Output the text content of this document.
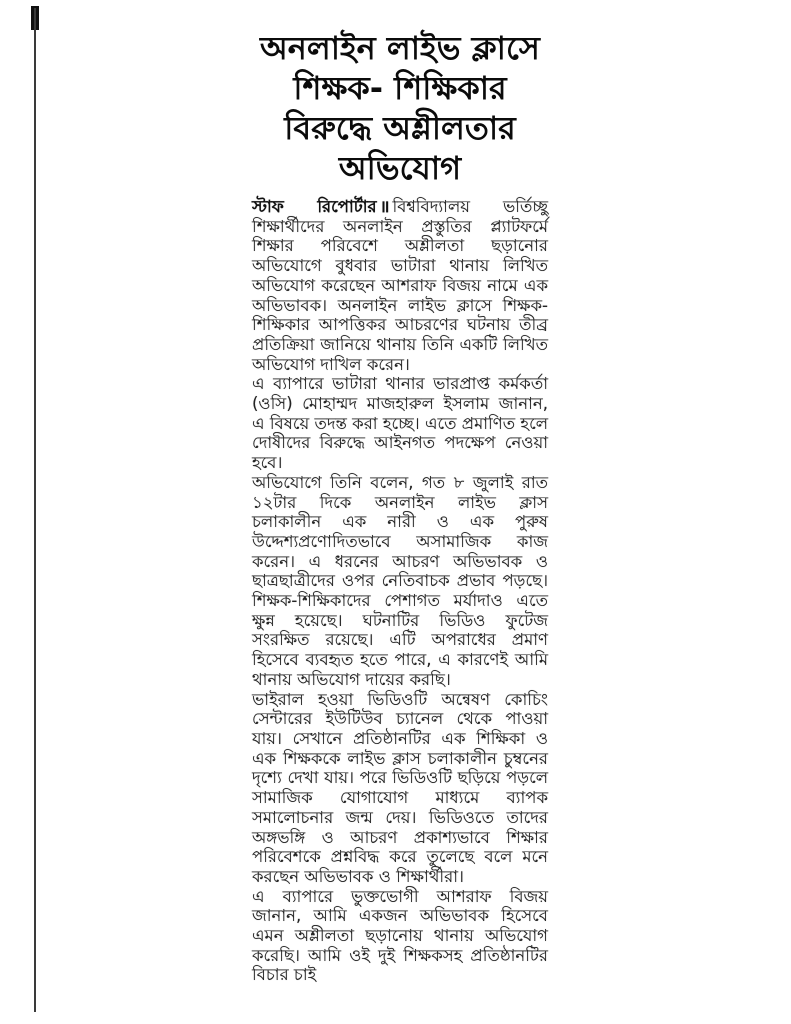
অনলাইন লাইভ ক্লাসে
শিক্ষক- শিক্ষিকার
বিরুদ্ধে অশ্লীলতার
অভিযোগ

স্টাফ রিপোর্টার ॥ বিশ্ববিদ্যালয় ভর্তিচ্ছু শিক্ষার্থীদের অনলাইন প্রস্তুতির প্ল্যাটফর্মে শিক্ষার পরিবেশে অশ্লীলতা ছড়ানোর অভিযোগে বুধবার ভাটারা থানায় লিখিত অভিযোগ করেছেন আশরাফ বিজয় নামে এক অভিভাবক। অনলাইন লাইভ ক্লাসে শিক্ষক-শিক্ষিকার আপত্তিকর আচরণের ঘটনায় তীব্র প্রতিক্রিয়া জানিয়ে থানায় তিনি একটি লিখিত অভিযোগ দাখিল করেন।

এ ব্যাপারে ভাটারা থানার ভারপ্রাপ্ত কর্মকর্তা (ওসি) মোহাম্মদ মাজহারুল ইসলাম জানান, এ বিষয়ে তদন্ত করা হচ্ছে। এতে প্রমাণিত হলে দোষীদের বিরুদ্ধে আইনগত পদক্ষেপ নেওয়া হবে।

অভিযোগে তিনি বলেন, গত ৮ জুলাই রাত ১২টার দিকে অনলাইন লাইভ ক্লাস চলাকালীন এক নারী ও এক পুরুষ উদ্দেশ্যপ্রণোদিতভাবে অসামাজিক কাজ করেন। এ ধরনের আচরণ অভিভাবক ও ছাত্রছাত্রীদের ওপর নেতিবাচক প্রভাব পড়ছে। শিক্ষক-শিক্ষিকাদের পেশাগত মর্যাদাও এতে ক্ষুন্ন হয়েছে। ঘটনাটির ভিডিও ফুটেজ সংরক্ষিত রয়েছে। এটি অপরাধের প্রমাণ হিসেবে ব্যবহৃত হতে পারে, এ কারণেই আমি থানায় অভিযোগ দায়ের করছি।

ভাইরাল হওয়া ভিডিওটি অন্বেষণ কোচিং সেন্টারের ইউটিউব চ্যানেল থেকে পাওয়া যায়। সেখানে প্রতিষ্ঠানটির এক শিক্ষিকা ও এক শিক্ষককে লাইভ ক্লাস চলাকালীন চুম্বনের দৃশ্যে দেখা যায়। পরে ভিডিওটি ছড়িয়ে পড়লে সামাজিক যোগাযোগ মাধ্যমে ব্যাপক সমালোচনার জন্ম দেয়। ভিডিওতে তাদের অঙ্গভঙ্গি ও আচরণ প্রকাশ্যভাবে শিক্ষার পরিবেশকে প্রশ্নবিদ্ধ করে তুলেছে বলে মনে করছেন অভিভাবক ও শিক্ষার্থীরা।

এ ব্যাপারে ভুক্তভোগী আশরাফ বিজয় জানান, আমি একজন অভিভাবক হিসেবে এমন অশ্লীলতা ছড়ানোয় থানায় অভিযোগ করেছি। আমি ওই দুই শিক্ষকসহ প্রতিষ্ঠানটির বিচার চাই
